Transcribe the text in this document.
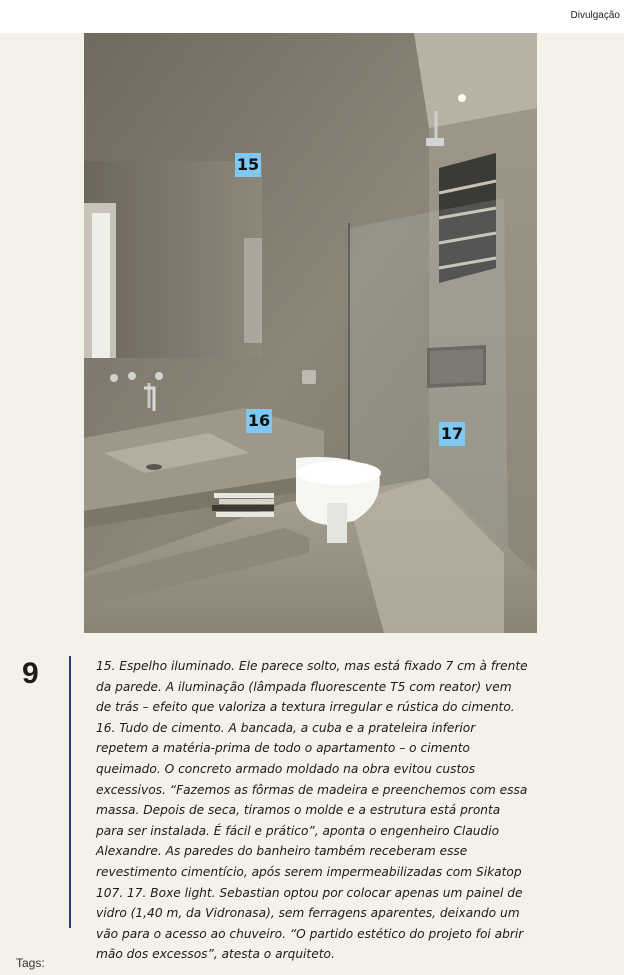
Divulgação
15
16
17
9	15. Espelho iluminado. Ele parece solto, mas está fixado 7 cm à frente da parede. A iluminação (lâmpada fluorescente T5 com reator) vem de trás – efeito que valoriza a textura irregular e rústica do cimento. 16. Tudo de cimento. A bancada, a cuba e a prateleira inferior repetem a matéria-prima de todo o apartamento – o cimento queimado. O concreto armado moldado na obra evitou custos excessivos. “Fazemos as fôrmas de madeira e preenchemos com essa massa. Depois de seca, tiramos o molde e a estrutura está pronta para ser instalada. É fácil e prático”, aponta o engenheiro Claudio Alexandre. As paredes do banheiro também receberam esse revestimento cimentício, após serem impermeabilizadas com Sikatop 107. 17. Boxe light. Sebastian optou por colocar apenas um painel de vidro (1,40 m, da Vidronasa), sem ferragens aparentes, deixando um vão para o acesso ao chuveiro. “O partido estético do projeto foi abrir mão dos excessos”, atesta o arquiteto.
Tags:
